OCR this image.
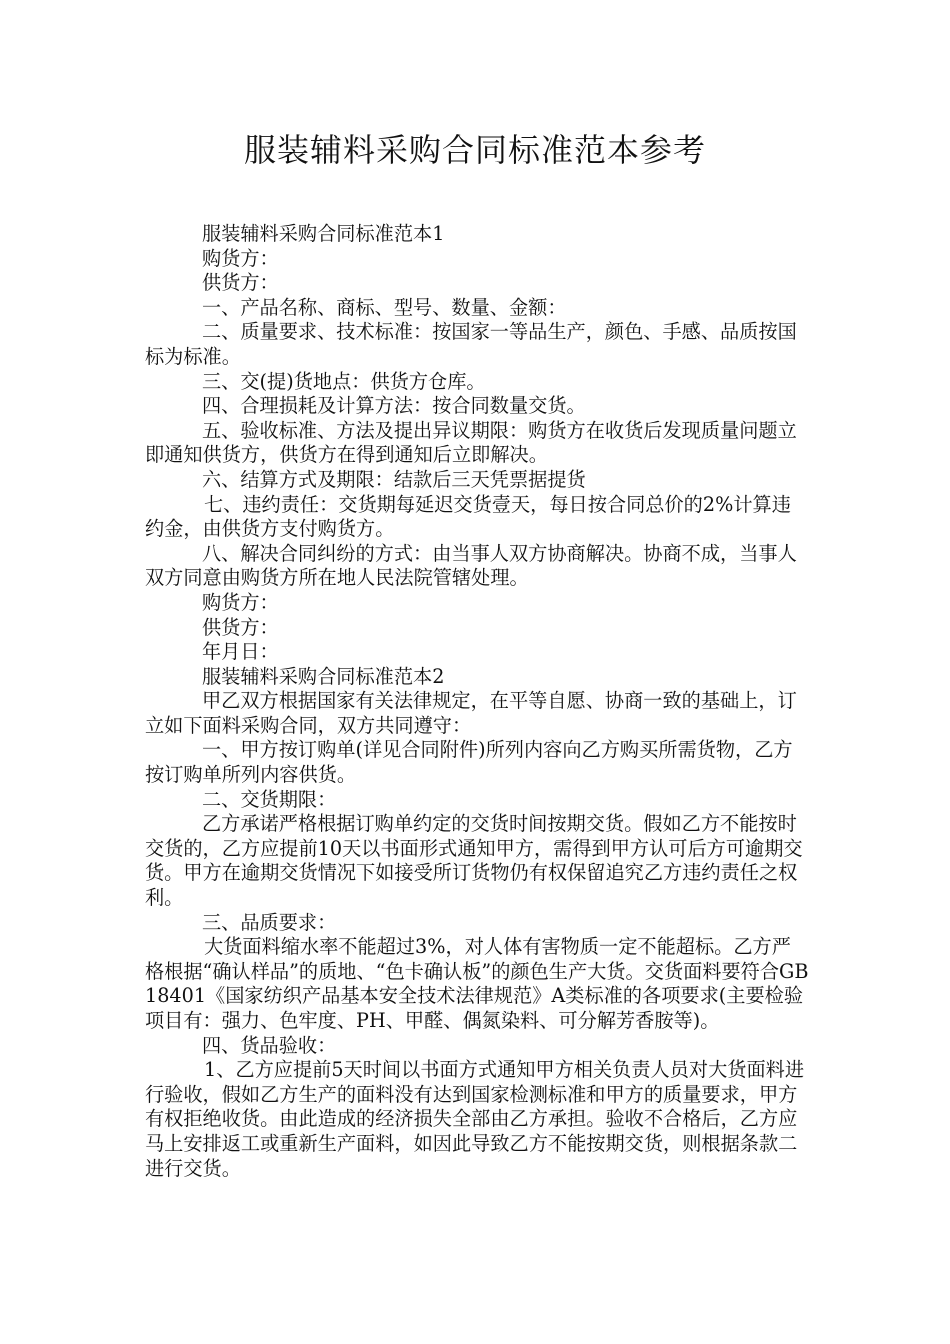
服装辅料采购合同标准范本参考

服装辅料采购合同标准范本1

购货方：

供货方：

一、产品名称、商标、型号、数量、金额：

二、质量要求、技术标准：按国家一等品生产，颜色、手感、品质按国标为标准。

三、交(提)货地点：供货方仓库。

四、合理损耗及计算方法：按合同数量交货。

五、验收标准、方法及提出异议期限：购货方在收货后发现质量问题立即通知供货方，供货方在得到通知后立即解决。

六、结算方式及期限：结款后三天凭票据提货

七、违约责任：交货期每延迟交货壹天，每日按合同总价的2%计算违约金，由供货方支付购货方。

八、解决合同纠纷的方式：由当事人双方协商解决。协商不成，当事人双方同意由购货方所在地人民法院管辖处理。

购货方：

供货方：

年月日：

服装辅料采购合同标准范本2

甲乙双方根据国家有关法律规定，在平等自愿、协商一致的基础上，订立如下面料采购合同，双方共同遵守：

一、甲方按订购单(详见合同附件)所列内容向乙方购买所需货物，乙方按订购单所列内容供货。

二、交货期限：

乙方承诺严格根据订购单约定的交货时间按期交货。假如乙方不能按时交货的，乙方应提前10天以书面形式通知甲方，需得到甲方认可后方可逾期交货。甲方在逾期交货情况下如接受所订货物仍有权保留追究乙方违约责任之权利。

三、品质要求：

大货面料缩水率不能超过3%，对人体有害物质一定不能超标。乙方严格根据“确认样品”的质地、“色卡确认板”的颜色生产大货。交货面料要符合GB18401《国家纺织产品基本安全技术法律规范》A类标准的各项要求(主要检验项目有：强力、色牢度、PH、甲醛、偶氮染料、可分解芳香胺等)。

四、货品验收：

1、乙方应提前5天时间以书面方式通知甲方相关负责人员对大货面料进行验收，假如乙方生产的面料没有达到国家检测标准和甲方的质量要求，甲方有权拒绝收货。由此造成的经济损失全部由乙方承担。验收不合格后，乙方应马上安排返工或重新生产面料，如因此导致乙方不能按期交货，则根据条款二进行交货。
